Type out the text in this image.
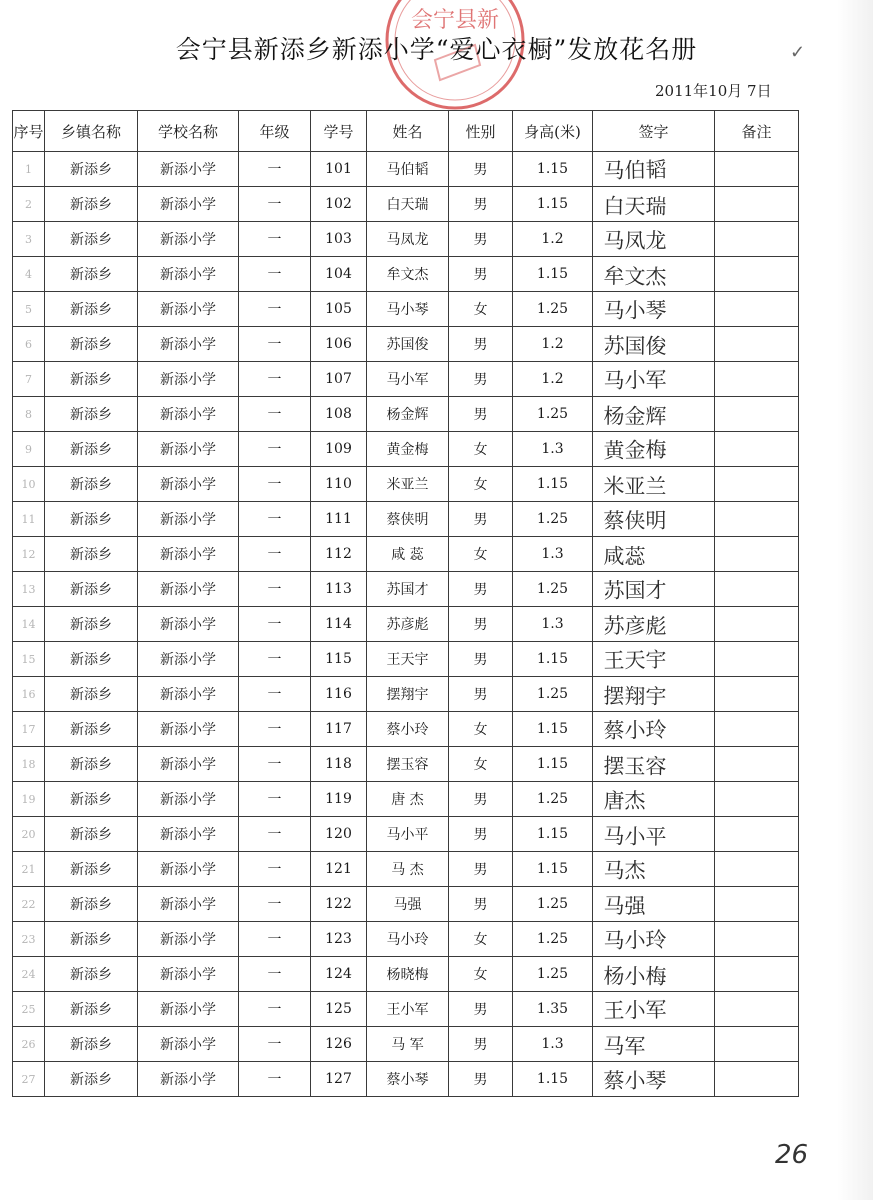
会宁县新
会宁县新添乡新添小学“爱心衣橱”发放花名册	✓
2011年10月 7日
序号	乡镇名称	学校名称	年级	学号	姓名	性别	身高(米)	签字	备注
1	新添乡	新添小学	一	101	马伯韬	男	1.15	马伯韬	
2	新添乡	新添小学	一	102	白天瑞	男	1.15	白天瑞	
3	新添乡	新添小学	一	103	马凤龙	男	1.2	马凤龙	
4	新添乡	新添小学	一	104	牟文杰	男	1.15	牟文杰	
5	新添乡	新添小学	一	105	马小琴	女	1.25	马小琴	
6	新添乡	新添小学	一	106	苏国俊	男	1.2	苏国俊	
7	新添乡	新添小学	一	107	马小军	男	1.2	马小军	
8	新添乡	新添小学	一	108	杨金辉	男	1.25	杨金辉	
9	新添乡	新添小学	一	109	黄金梅	女	1.3	黄金梅	
10	新添乡	新添小学	一	110	米亚兰	女	1.15	米亚兰	
11	新添乡	新添小学	一	111	蔡侠明	男	1.25	蔡侠明	
12	新添乡	新添小学	一	112	咸 蕊	女	1.3	咸蕊	
13	新添乡	新添小学	一	113	苏国才	男	1.25	苏国才	
14	新添乡	新添小学	一	114	苏彦彪	男	1.3	苏彦彪	
15	新添乡	新添小学	一	115	王天宇	男	1.15	王天宇	
16	新添乡	新添小学	一	116	摆翔宇	男	1.25	摆翔宇	
17	新添乡	新添小学	一	117	蔡小玲	女	1.15	蔡小玲	
18	新添乡	新添小学	一	118	摆玉容	女	1.15	摆玉容	
19	新添乡	新添小学	一	119	唐 杰	男	1.25	唐杰	
20	新添乡	新添小学	一	120	马小平	男	1.15	马小平	
21	新添乡	新添小学	一	121	马 杰	男	1.15	马杰	
22	新添乡	新添小学	一	122	马强	男	1.25	马强	
23	新添乡	新添小学	一	123	马小玲	女	1.25	马小玲	
24	新添乡	新添小学	一	124	杨晓梅	女	1.25	杨小梅	
25	新添乡	新添小学	一	125	王小军	男	1.35	王小军	
26	新添乡	新添小学	一	126	马 军	男	1.3	马军	
27	新添乡	新添小学	一	127	蔡小琴	男	1.15	蔡小琴	
26
